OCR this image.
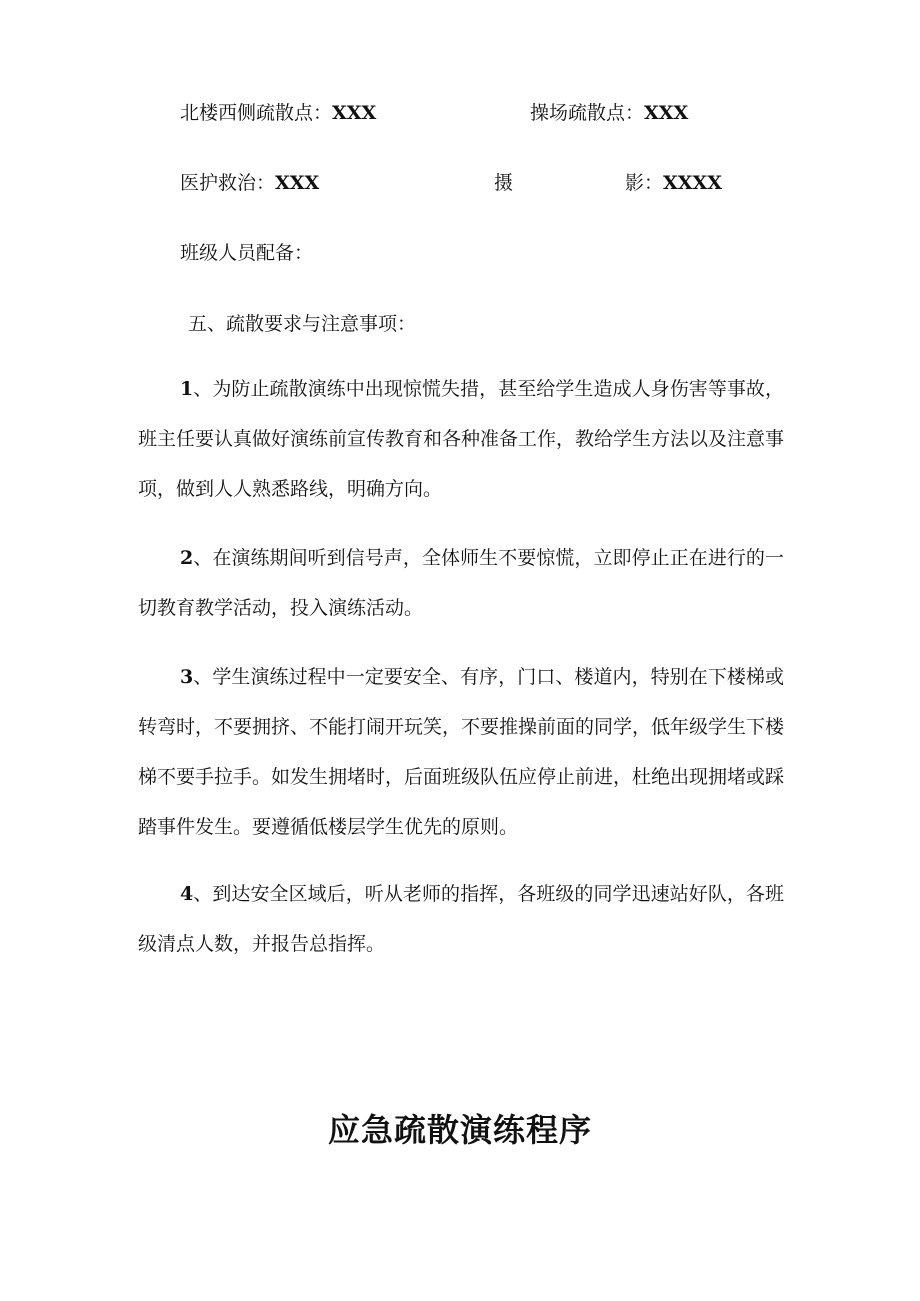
北楼西侧疏散点：XXX	操场疏散点：XXX
医护救治：XXX	摄	影：XXXX
班级人员配备：
五、疏散要求与注意事项：
1、为防止疏散演练中出现惊慌失措，甚至给学生造成人身伤害等事故，班主任要认真做好演练前宣传教育和各种准备工作，教给学生方法以及注意事项，做到人人熟悉路线，明确方向。
2、在演练期间听到信号声，全体师生不要惊慌，立即停止正在进行的一切教育教学活动，投入演练活动。
3、学生演练过程中一定要安全、有序，门口、楼道内，特别在下楼梯或转弯时，不要拥挤、不能打闹开玩笑，不要推操前面的同学，低年级学生下楼梯不要手拉手。如发生拥堵时，后面班级队伍应停止前进，杜绝出现拥堵或踩踏事件发生。要遵循低楼层学生优先的原则。
4、到达安全区域后，听从老师的指挥，各班级的同学迅速站好队，各班级清点人数，并报告总指挥。
应急疏散演练程序
